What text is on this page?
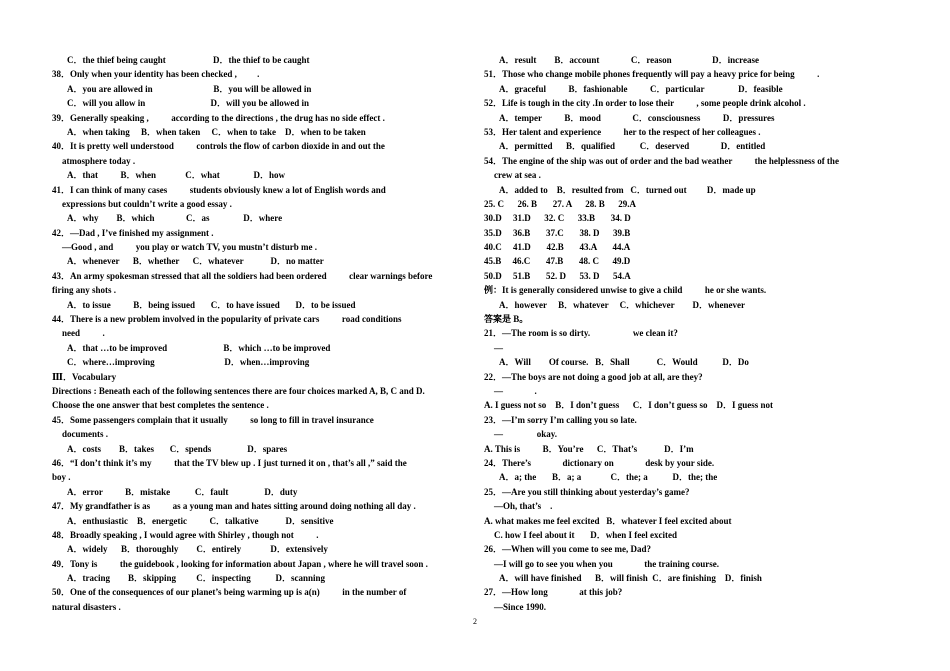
C．the thief being caught                     D．the thief to be caught
38．Only when your identity has been checked ,         .
A．you are allowed in                           B．you will be allowed in
C．will you allow in                             D．will you be allowed in
39．Generally speaking ,          according to the directions , the drug has no side effect .
A．when taking     B．when taken     C．when to take    D．when to be taken
40．It is pretty well understood          controls the flow of carbon dioxide in and out the
atmosphere today .
A．that          B．when             C．what               D．how
41．I can think of many cases          students obviously knew a lot of English words and
expressions but couldn’t write a good essay .
A．why        B．which              C．as               D．where
42．—Dad , I’ve finished my assignment .
—Good , and          you play or watch TV, you mustn’t disturb me .
A．whenever      B．whether      C．whatever            D．no matter
43．An army spokesman stressed that all the soldiers had been ordered          clear warnings before
firing any shots .
A．to issue          B．being issued       C．to have issued       D．to be issued
44．There is a new problem involved in the popularity of private cars          road conditions
need          .
A．that …to be improved                         B．which …to be improved
C．where…improving                               D．when…improving
Ⅲ．Vocabulary
Directions : Beneath each of the following sentences there are four choices marked A, B, C and D.
Choose the one answer that best completes the sentence .
45．Some passengers complain that it usually          so long to fill in travel insurance
documents .
A．costs        B．takes       C．spends                D．spares
46．“I don’t think it’s my          that the TV blew up . I just turned it on , that’s all ,” said the
boy .
A．error          B．mistake           C．fault                D．duty
47．My grandfather is as          as a young man and hates sitting around doing nothing all day .
A．enthusiastic    B．energetic          C．talkative            D．sensitive
48．Broadly speaking , I would agree with Shirley , though not          .
A．widely      B．thoroughly        C．entirely             D．extensively
49．Tony is          the guidebook , looking for information about Japan , where he will travel soon .
A．tracing        B．skipping         C．inspecting           D．scanning
50．One of the consequences of our planet’s being warming up is a(n)          in the number of
natural disasters .
A．result        B．account              C．reason                  D．increase
51．Those who change mobile phones frequently will pay a heavy price for being          .
A．graceful          B．fashionable          C．particular               D．feasible
52．Life is tough in the city .In order to lose their          , some people drink alcohol .
A．temper          B．mood              C．consciousness          D．pressures
53．Her talent and experience          her to the respect of her colleagues .
A．permitted      B．qualified           C．deserved              D．entitled
54．The engine of the ship was out of order and the bad weather          the helplessness of the
crew at sea .
A．added to    B．resulted from   C．turned out         D．made up
25. C      26. B       27. A      28. B      29.A
30.D     31.D      32. C      33.B       34. D
35.D     36.B       37.C       38. D      39.B
40.C     41.D       42.B       43.A       44.A
45.B     46.C       47.B       48. C      49.D
50.D     51.B       52. D      53. D      54.A
例：It is generally considered unwise to give a child          he or she wants.
A．however     B．whatever     C．whichever        D．whenever
答案是 B。
21．—The room is so dirty.                   we clean it?
—
A．Will        Of course.   B．Shall            C．Would           D．Do
22．—The boys are not doing a good job at all, are they?
—              .
A. I guess not so    B．I don’t guess      C．I don’t guess so    D．I guess not
23．—I’m sorry I’m calling you so late.
—               okay.
A. This is          B．You’re      C．That’s            D．I’m
24．There’s              dictionary on              desk by your side.
A．a; the       B．a; a             C．the; a           D．the; the
25．—Are you still thinking about yesterday’s game?
—Oh, that’s    .
A. what makes me feel excited   B．whatever I feel excited about
C. how I feel about it       D．when I feel excited
26．—When will you come to see me, Dad?
—I will go to see you when you              the training course.
A．will have finished      B．will finish  C．are finishing    D．finish
27．—How long              at this job?
—Since 1990.
2
